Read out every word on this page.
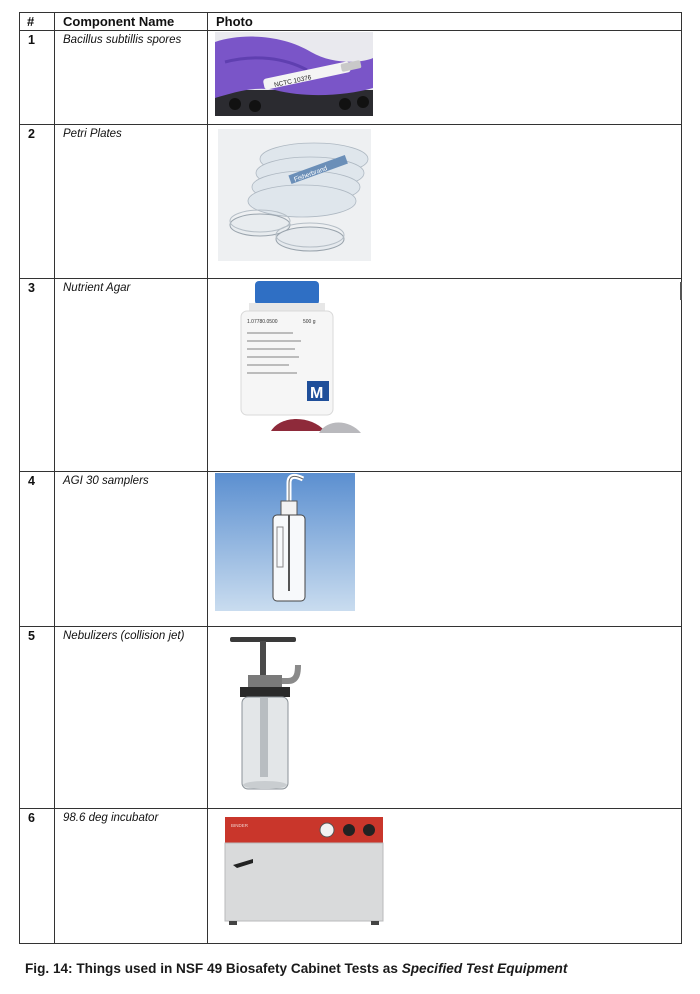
#	Component Name	Photo
1	Bacillus subtillis spores	NCTC 10376

2	Petri Plates	Fisherbrand

3	Nutrient Agar	1.07780.0500 500 g
M

4	AGI 30 samplers	

5	Nebulizers (collision jet)	

6	98.6 deg incubator	BINDER
Fig. 14: Things used in NSF 49 Biosafety Cabinet Tests as Specified Test Equipment
